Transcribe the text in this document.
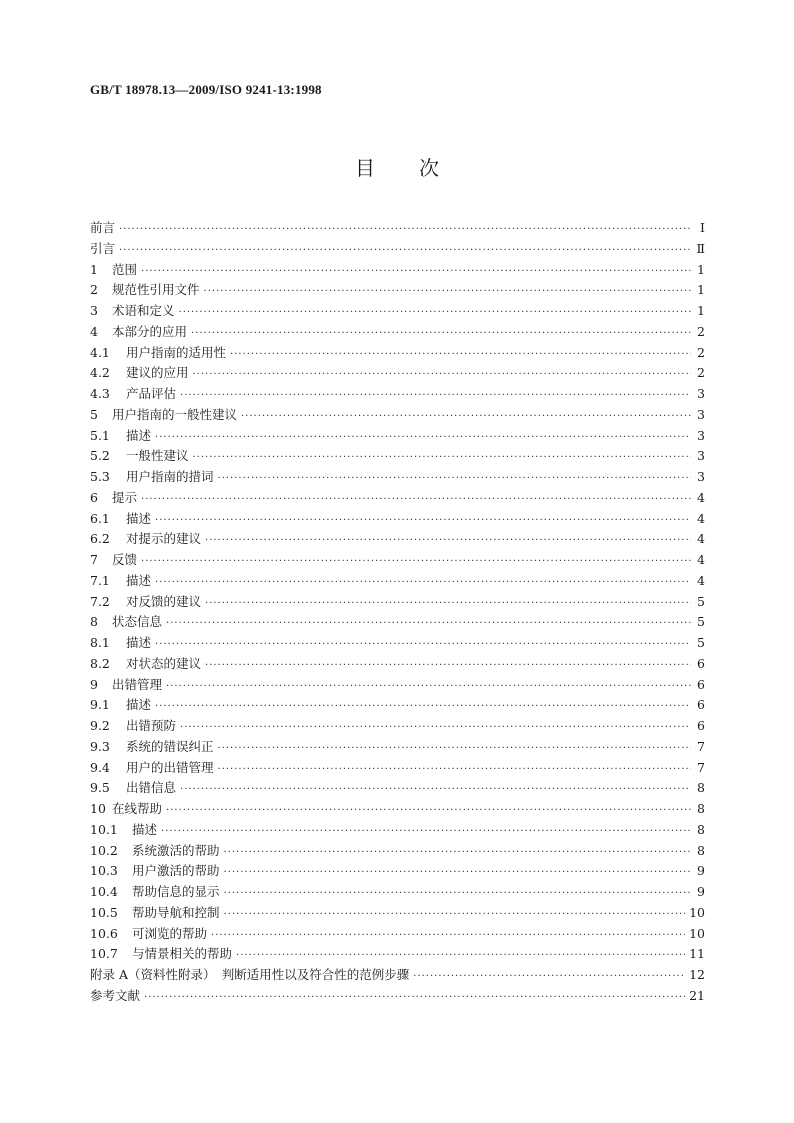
GB/T 18978.13—2009/ISO 9241-13:1998
目 次
前言 ·····	Ⅰ
引言 ·····	Ⅱ
1	范围 ·····	1
2	规范性引用文件 ·····	1
3	术语和定义 ·····	1
4	本部分的应用 ·····	2
4.1	用户指南的适用性 ·····	2
4.2	建议的应用 ·····	2
4.3	产品评估 ·····	3
5	用户指南的一般性建议 ·····	3
5.1	描述 ·····	3
5.2	一般性建议 ·····	3
5.3	用户指南的措词 ·····	3
6	提示 ·····	4
6.1	描述 ·····	4
6.2	对提示的建议 ·····	4
7	反馈 ·····	4
7.1	描述 ·····	4
7.2	对反馈的建议 ·····	5
8	状态信息 ·····	5
8.1	描述 ·····	5
8.2	对状态的建议 ·····	6
9	出错管理 ·····	6
9.1	描述 ·····	6
9.2	出错预防 ·····	6
9.3	系统的错误纠正 ·····	7
9.4	用户的出错管理 ·····	7
9.5	出错信息 ·····	8
10 在线帮助 ·····	8
10.1	描述 ·····	8
10.2	系统激活的帮助 ·····	8
10.3	用户激活的帮助 ·····	9
10.4	帮助信息的显示 ·····	9
10.5	帮助导航和控制 ·····	10
10.6	可浏览的帮助 ·····	10
10.7	与情景相关的帮助 ·····	11
附录 A（资料性附录）　判断适用性以及符合性的范例步骤 ·····	12
参考文献 ·····	21
